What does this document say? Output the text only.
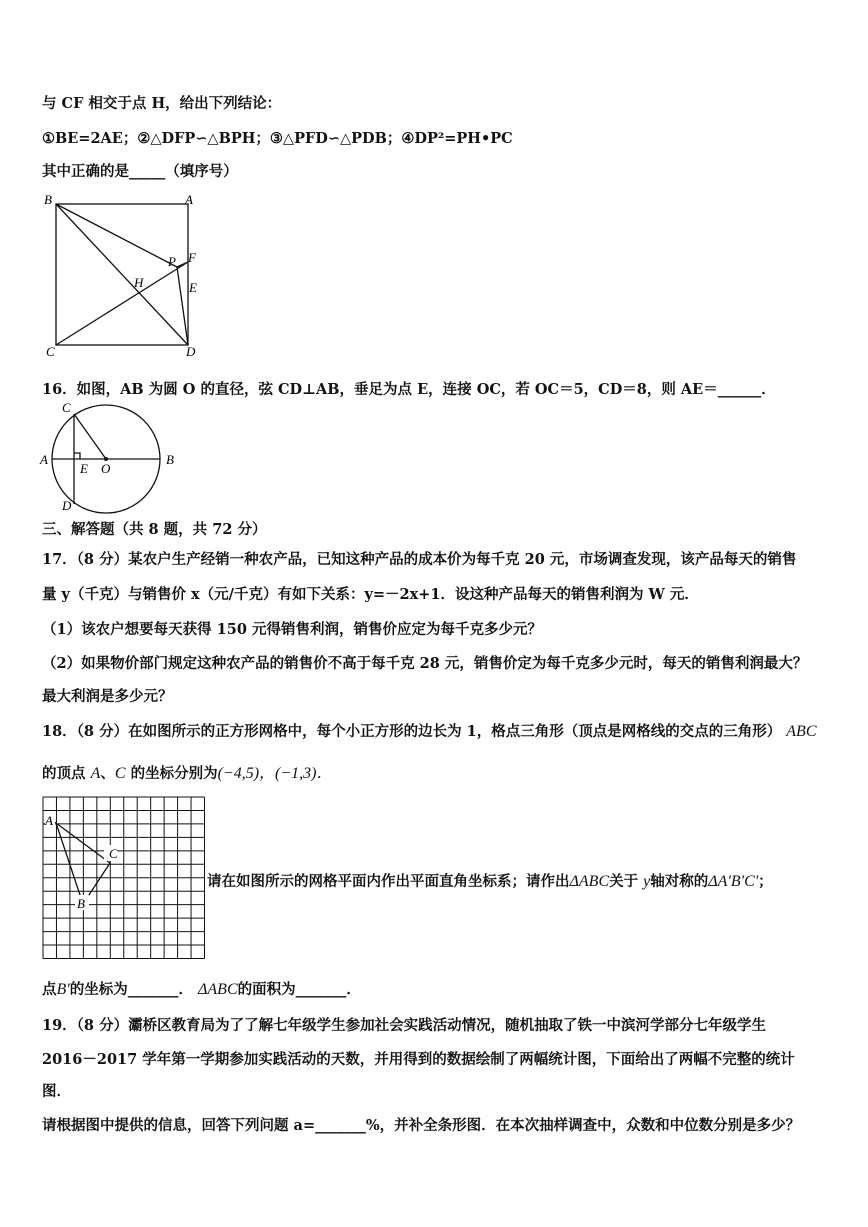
与 CF 相交于点 H，给出下列结论：
①BE=2AE；②△DFP∽△BPH；③△PFD∽△PDB；④DP²=PH•PC
其中正确的是_____（填序号）
B	A
P F
E
H
C	D
16．如图，AB 为圆 O 的直径，弦 CD⊥AB，垂足为点 E，连接 OC，若 OC＝5，CD＝8，则 AE＝______．
C
A
E O
B
D
三、解答题（共 8 题，共 72 分）
17．（8 分）某农户生产经销一种农产品，已知这种产品的成本价为每千克 20 元，市场调查发现，该产品每天的销售
量 y（千克）与销售价 x（元/千克）有如下关系：y=－2x+1．设这种产品每天的销售利润为 W 元．
（1）该农户想要每天获得 150 元得销售利润，销售价应定为每千克多少元？
（2）如果物价部门规定这种农产品的销售价不高于每千克 28 元，销售价定为每千克多少元时，每天的销售利润最大？
最大利润是多少元？
18．（8 分）在如图所示的正方形网格中，每个小正方形的边长为 1，格点三角形（顶点是网格线的交点的三角形） ABC
的顶点 A、C 的坐标分别为(−4,5)，(−1,3)．
A
C
B
请在如图所示的网格平面内作出平面直角坐标系；请作出ΔABC关于 y轴对称的ΔA'B'C'；
点B'的坐标为_______． ΔABC的面积为_______．
19．（8 分）灞桥区教育局为了了解七年级学生参加社会实践活动情况，随机抽取了铁一中滨河学部分七年级学生
2016－2017 学年第一学期参加实践活动的天数，并用得到的数据绘制了两幅统计图，下面给出了两幅不完整的统计
图．
请根据图中提供的信息，回答下列问题 a=_______%，并补全条形图．在本次抽样调查中，众数和中位数分别是多少？
